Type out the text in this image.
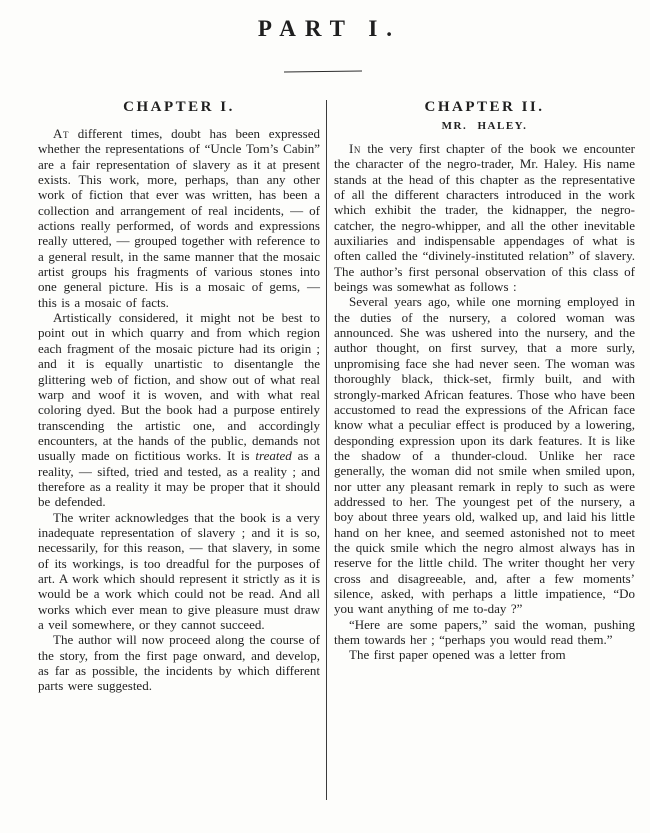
PART I.
CHAPTER I.

At different times, doubt has been expressed whether the representations of “Uncle Tom’s Cabin” are a fair representation of slavery as it at present exists. This work, more, perhaps, than any other work of fiction that ever was written, has been a collection and arrangement of real incidents, — of actions really performed, of words and expressions really uttered, — grouped together with reference to a general result, in the same manner that the mosaic artist groups his fragments of various stones into one general picture. His is a mosaic of gems, — this is a mosaic of facts.

Artistically considered, it might not be best to point out in which quarry and from which region each fragment of the mosaic picture had its origin ; and it is equally unartistic to disentangle the glittering web of fiction, and show out of what real warp and woof it is woven, and with what real coloring dyed. But the book had a purpose entirely transcending the artistic one, and accordingly encounters, at the hands of the public, demands not usually made on fictitious works. It is treated as a reality, — sifted, tried and tested, as a reality ; and therefore as a reality it may be proper that it should be defended.

The writer acknowledges that the book is a very inadequate representation of slavery ; and it is so, necessarily, for this reason, — that slavery, in some of its workings, is too dreadful for the purposes of art. A work which should represent it strictly as it is would be a work which could not be read. And all works which ever mean to give pleasure must draw a veil somewhere, or they cannot succeed.

The author will now proceed along the course of the story, from the first page onward, and develop, as far as possible, the incidents by which different parts were suggested.

CHAPTER II.
MR. HALEY.

In the very first chapter of the book we encounter the character of the negro-trader, Mr. Haley. His name stands at the head of this chapter as the representative of all the different characters introduced in the work which exhibit the trader, the kidnapper, the negro-catcher, the negro-whipper, and all the other inevitable auxiliaries and indispensable appendages of what is often called the “divinely-instituted relation” of slavery. The author’s first personal observation of this class of beings was somewhat as follows :

Several years ago, while one morning employed in the duties of the nursery, a colored woman was announced. She was ushered into the nursery, and the author thought, on first survey, that a more surly, unpromising face she had never seen. The woman was thoroughly black, thick-set, firmly built, and with strongly-marked African features. Those who have been accustomed to read the expressions of the African face know what a peculiar effect is produced by a lowering, desponding expression upon its dark features. It is like the shadow of a thunder-cloud. Unlike her race generally, the woman did not smile when smiled upon, nor utter any pleasant remark in reply to such as were addressed to her. The youngest pet of the nursery, a boy about three years old, walked up, and laid his little hand on her knee, and seemed astonished not to meet the quick smile which the negro almost always has in reserve for the little child. The writer thought her very cross and disagreeable, and, after a few moments’ silence, asked, with perhaps a little impatience, “Do you want anything of me to-day ?”

“Here are some papers,” said the woman, pushing them towards her ; “perhaps you would read them.”

The first paper opened was a letter from
